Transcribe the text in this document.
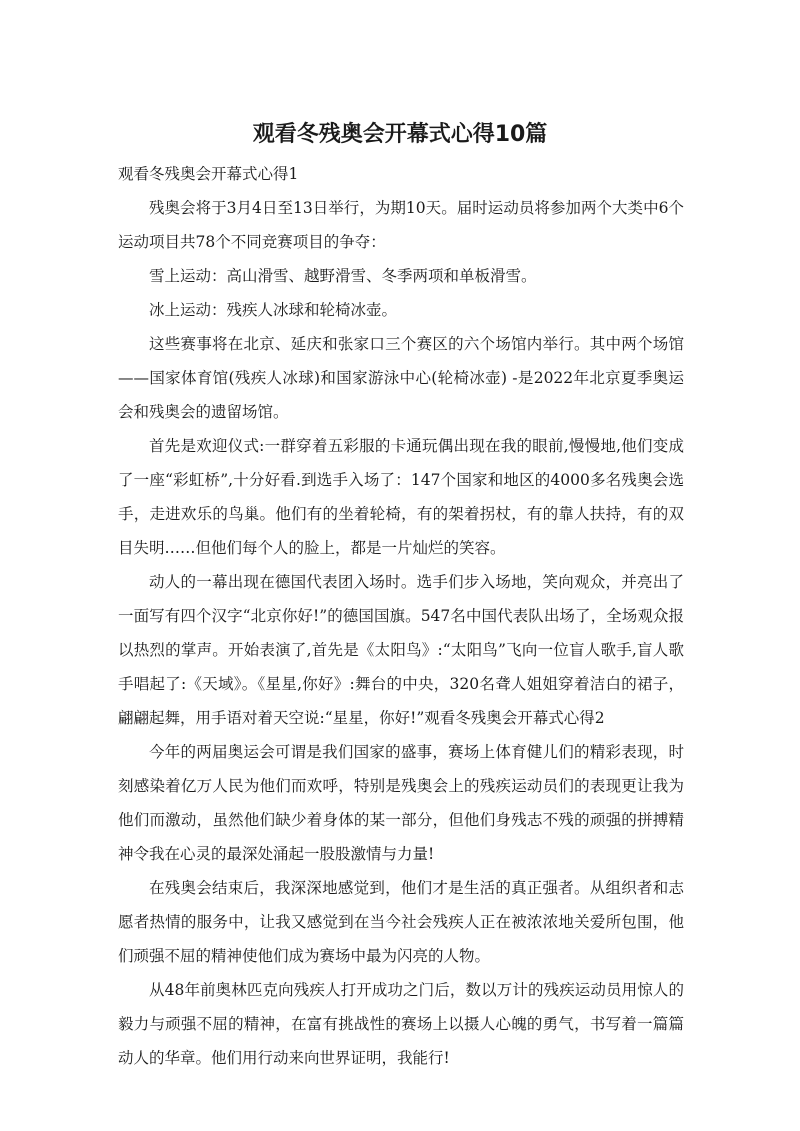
观看冬残奥会开幕式心得10篇

观看冬残奥会开幕式心得1

残奥会将于3月4日至13日举行，为期10天。届时运动员将参加两个大类中6个运动项目共78个不同竞赛项目的争夺：

雪上运动：高山滑雪、越野滑雪、冬季两项和单板滑雪。

冰上运动：残疾人冰球和轮椅冰壶。

这些赛事将在北京、延庆和张家口三个赛区的六个场馆内举行。其中两个场馆——国家体育馆(残疾人冰球)和国家游泳中心(轮椅冰壶) -是2022年北京夏季奥运会和残奥会的遗留场馆。

首先是欢迎仪式:一群穿着五彩服的卡通玩偶出现在我的眼前,慢慢地,他们变成了一座“彩虹桥”,十分好看.到选手入场了：147个国家和地区的4000多名残奥会选手，走进欢乐的鸟巢。他们有的坐着轮椅，有的架着拐杖，有的靠人扶持，有的双目失明……但他们每个人的脸上，都是一片灿烂的笑容。

动人的一幕出现在德国代表团入场时。选手们步入场地，笑向观众，并亮出了一面写有四个汉字“北京你好!”的德国国旗。547名中国代表队出场了，全场观众报以热烈的掌声。开始表演了,首先是《太阳鸟》:“太阳鸟”飞向一位盲人歌手,盲人歌手唱起了:《天域》。《星星,你好》:舞台的中央，320名聋人姐姐穿着洁白的裙子，翩翩起舞，用手语对着天空说:“星星，你好!”观看冬残奥会开幕式心得2

今年的两届奥运会可谓是我们国家的盛事，赛场上体育健儿们的精彩表现，时刻感染着亿万人民为他们而欢呼，特别是残奥会上的残疾运动员们的表现更让我为他们而激动，虽然他们缺少着身体的某一部分，但他们身残志不残的顽强的拼搏精神令我在心灵的最深处涌起一股股激情与力量!

在残奥会结束后，我深深地感觉到，他们才是生活的真正强者。从组织者和志愿者热情的服务中，让我又感觉到在当今社会残疾人正在被浓浓地关爱所包围，他们顽强不屈的精神使他们成为赛场中最为闪亮的人物。

从48年前奥林匹克向残疾人打开成功之门后，数以万计的残疾运动员用惊人的毅力与顽强不屈的精神，在富有挑战性的赛场上以摄人心魄的勇气，书写着一篇篇动人的华章。他们用行动来向世界证明，我能行!
